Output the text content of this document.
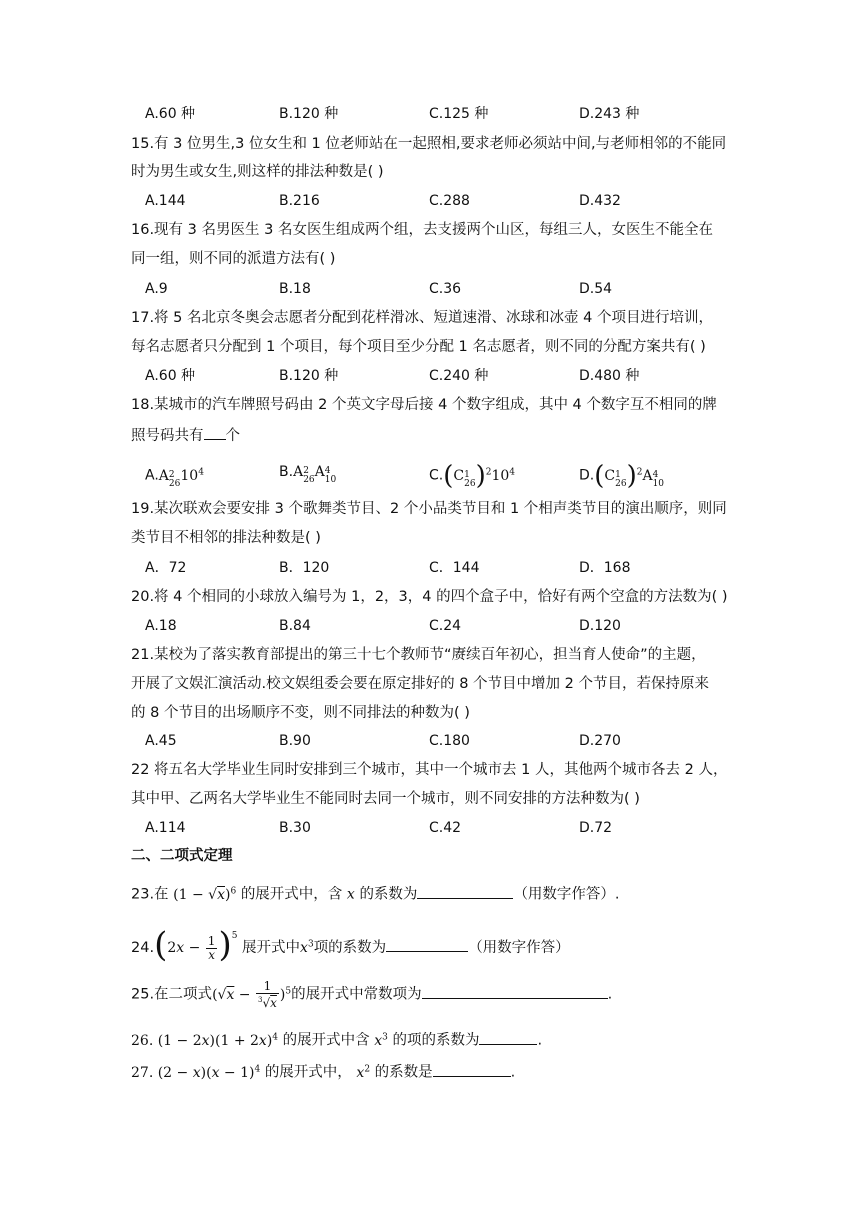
A.60 种	B.120 种	C.125 种	D.243 种
15.有 3 位男生,3 位女生和 1 位老师站在一起照相,要求老师必须站中间,与老师相邻的不能同
时为男生或女生,则这样的排法种数是( )
A.144	B.216	C.288	D.432
16.现有 3 名男医生 3 名女医生组成两个组，去支援两个山区，每组三人，女医生不能全在
同一组，则不同的派遣方法有( )
A.9	B.18	C.36	D.54
17.将 5 名北京冬奥会志愿者分配到花样滑冰、短道速滑、冰球和冰壶 4 个项目进行培训，
每名志愿者只分配到 1 个项目，每个项目至少分配 1 名志愿者，则不同的分配方案共有( )
A.60 种	B.120 种	C.240 种	D.480 种
18.某城市的汽车牌照号码由 2 个英文字母后接 4 个数字组成，其中 4 个数字互不相同的牌
照号码共有 个
A.A 2
26 $10^4$	B.A 2
26 A 4
10	C.(C 1
26 )$^210^4$	D.(C 1
26 )$^2$A 4
10
19.某次联欢会要安排 3 个歌舞类节目、2 个小品类节目和 1 个相声类节目的演出顺序，则同
类节目不相邻的排法种数是( )
A．72	B．120	C．144	D．168
20.将 4 个相同的小球放入编号为 1，2，3，4 的四个盒子中，恰好有两个空盒的方法数为( )
A.18	B.84	C.24	D.120
21.某校为了落实教育部提出的第三十七个教师节“赓续百年初心，担当育人使命”的主题，
开展了文娱汇演活动.校文娱组委会要在原定排好的 8 个节目中增加 2 个节目，若保持原来
的 8 个节目的出场顺序不变，则不同排法的种数为( )
A.45	B.90	C.180	D.270
22 将五名大学毕业生同时安排到三个城市，其中一个城市去 1 人，其他两个城市各去 2 人，
其中甲、乙两名大学毕业生不能同时去同一个城市，则不同安排的方法种数为( )
A.114	B.30	C.42	D.72
二、二项式定理
23.在 $(1 - √x)^6$ 的展开式中，含 x 的系数为	（用数字作答）.
$24.(2x - \frac{1}{x} )^5$ 展开式中$x^3$项的系数为	（用数字作答）
25.在二项式$(√x - \frac{1}{^3√x} )^5$的展开式中常数项为	.
26. $(1 - 2x)(1 + 2x)^4$ 的展开式中含 $x^3$ 的项的系数为	.
27. $(2 - x)(x - 1)^4$ 的展开式中， $x^2$ 的系数是	.
